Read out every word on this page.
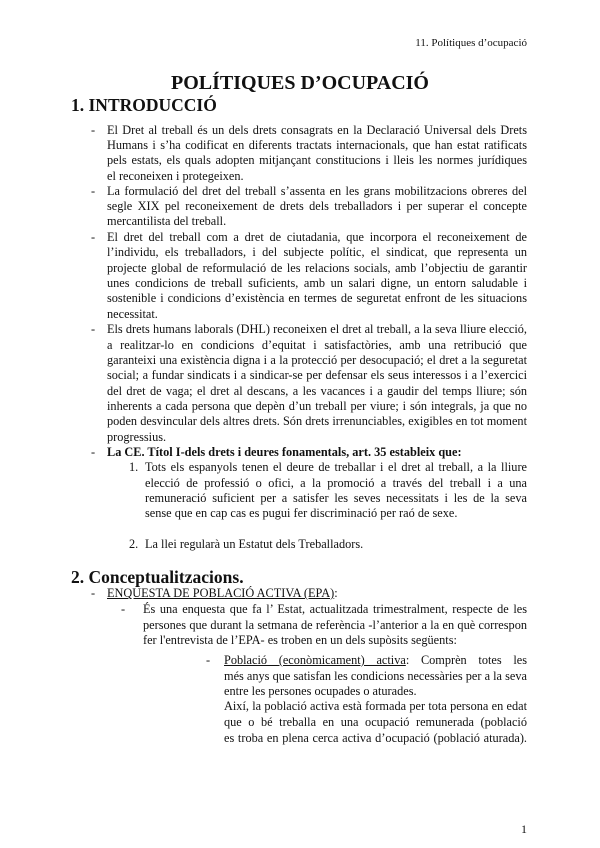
11. Polítiques d’ocupació
POLÍTIQUES D’OCUPACIÓ
1. INTRODUCCIÓ
- El Dret al treball és un dels drets consagrats en la Declaració Universal dels Drets
Humans i s’ha codificat en diferents tractats internacionals, que han estat ratificats
pels estats, els quals adopten mitjançant constitucions i lleis les normes jurídiques
el reconeixen i protegeixen.
- La formulació del dret del treball s’assenta en les grans mobilitzacions obreres del
segle XIX pel reconeixement de drets dels treballadors i per superar el concepte
mercantilista del treball.
- El dret del treball com a dret de ciutadania, que incorpora el reconeixement de
l’individu, els treballadors, i del subjecte polític, el sindicat, que representa un
projecte global de reformulació de les relacions socials, amb l’objectiu de garantir
unes condicions de treball suficients, amb un salari digne, un entorn saludable i
sostenible i condicions d’existència en termes de seguretat enfront de les situacions
necessitat.
- Els drets humans laborals (DHL) reconeixen el dret al treball, a la seva lliure elecció,
a realitzar-lo en condicions d’equitat i satisfactòries, amb una retribució que
garanteixi una existència digna i a la protecció per desocupació; el dret a la seguretat
social; a fundar sindicats i a sindicar-se per defensar els seus interessos i a l’exercici
del dret de vaga; el dret al descans, a les vacances i a gaudir del temps lliure; són
inherents a cada persona que depèn d’un treball per viure; i són integrals, ja que no
poden desvincular dels altres drets. Són drets irrenunciables, exigibles en tot moment
progressius.
- La CE. Títol I-dels drets i deures fonamentals, art. 35 estableix que:
1. Tots els espanyols tenen el deure de treballar i el dret al treball, a la lliure
elecció de professió o ofici, a la promoció a través del treball i a una
remuneració suficient per a satisfer les seves necessitats i les de la seva
sense que en cap cas es pugui fer discriminació per raó de sexe.
2. La llei regularà un Estatut dels Treballadors.
2. Conceptualitzacions.
- ENQUESTA DE POBLACIÓ ACTIVA (EPA):
- És una enquesta que fa l’ Estat, actualitzada trimestralment, respecte de les
persones que durant la setmana de referència -l’anterior a la en què correspon
fer l'entrevista de l’EPA- es troben en un dels supòsits següents:
- Població (econòmicament) activa: Comprèn totes les
més anys que satisfan les condicions necessàries per a la seva
entre les persones ocupades o aturades.
Així, la població activa està formada per tota persona en edat
que o bé treballa en una ocupació remunerada (població
es troba en plena cerca activa d’ocupació (població aturada).
1
